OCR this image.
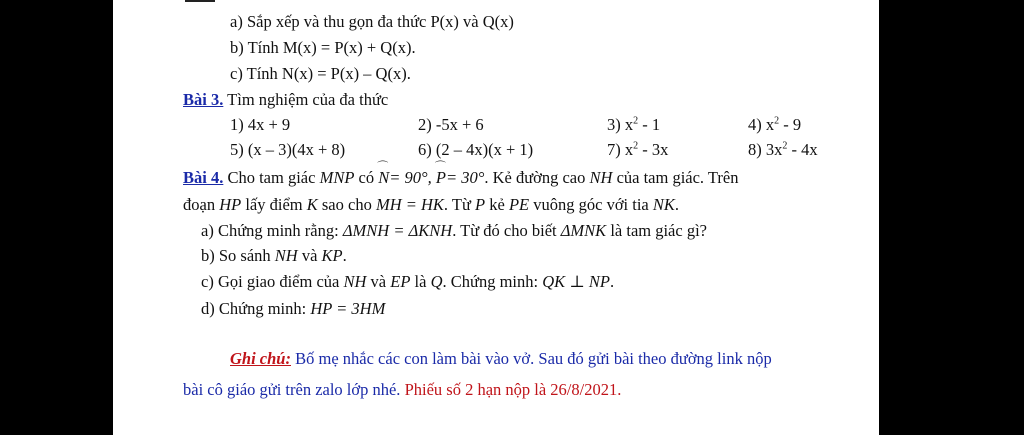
a) Sắp xếp và thu gọn đa thức P(x) và Q(x)
b) Tính M(x) = P(x) + Q(x).
c) Tính N(x) = P(x) – Q(x).
Bài 3. Tìm nghiệm của đa thức
1) 4x + 9	2) -5x + 6	3) $x^2 - 1$	4) $x^2 - 9$
5) (x – 3)(4x + 8)	6) (2 – 4x)(x + 1)	7) $x^2 - 3x$	8) $3x^2 - 4x$
Bài 4. Cho tam giác MNP có ⌒ N= 90°, ⌒ P= 30°. Kẻ đường cao NH của tam giác. Trên
đoạn HP lấy điểm K sao cho MH = HK. Từ P kẻ PE vuông góc với tia NK.
a) Chứng minh rằng: ΔMNH = ΔKNH. Từ đó cho biết ΔMNK là tam giác gì?
b) So sánh NH và KP.
c) Gọi giao điểm của NH và EP là Q. Chứng minh: QK ⊥ NP.
d) Chứng minh: HP = 3HM
Ghi chú: Bố mẹ nhắc các con làm bài vào vở. Sau đó gửi bài theo đường link nộp
bài cô giáo gửi trên zalo lớp nhé. Phiếu số 2 hạn nộp là 26/8/2021.
